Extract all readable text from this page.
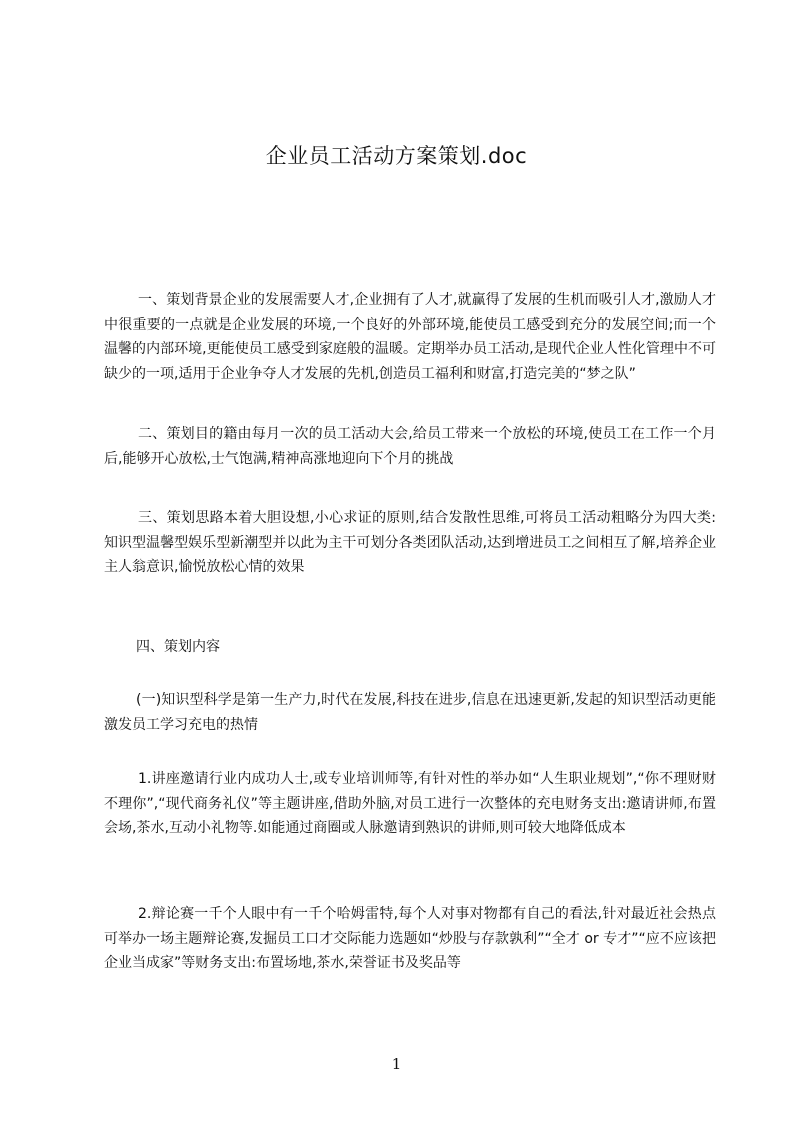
企业员工活动方案策划.doc

一、策划背景企业的发展需要人才,企业拥有了人才,就赢得了发展的生机而吸引人才,激励人才中很重要的一点就是企业发展的环境,一个良好的外部环境,能使员工感受到充分的发展空间;而一个温馨的内部环境,更能使员工感受到家庭般的温暖。定期举办员工活动,是现代企业人性化管理中不可缺少的一项,适用于企业争夺人才发展的先机,创造员工福利和财富,打造完美的“梦之队”

二、策划目的籍由每月一次的员工活动大会,给员工带来一个放松的环境,使员工在工作一个月后,能够开心放松,士气饱满,精神高涨地迎向下个月的挑战

三、策划思路本着大胆设想,小心求证的原则,结合发散性思维,可将员工活动粗略分为四大类:知识型温馨型娱乐型新潮型并以此为主干可划分各类团队活动,达到增进员工之间相互了解,培养企业主人翁意识,愉悦放松心情的效果

四、策划内容

(一)知识型科学是第一生产力,时代在发展,科技在进步,信息在迅速更新,发起的知识型活动更能激发员工学习充电的热情

1.讲座邀请行业内成功人士,或专业培训师等,有针对性的举办如“人生职业规划”,“你不理财财不理你”,“现代商务礼仪”等主题讲座,借助外脑,对员工进行一次整体的充电财务支出:邀请讲师,布置会场,茶水,互动小礼物等.如能通过商圈或人脉邀请到熟识的讲师,则可较大地降低成本

2.辩论赛一千个人眼中有一千个哈姆雷特,每个人对事对物都有自己的看法,针对最近社会热点可举办一场主题辩论赛,发掘员工口才交际能力选题如“炒股与存款孰利”“全才 or 专才”“应不应该把企业当成家”等财务支出:布置场地,茶水,荣誉证书及奖品等

1
